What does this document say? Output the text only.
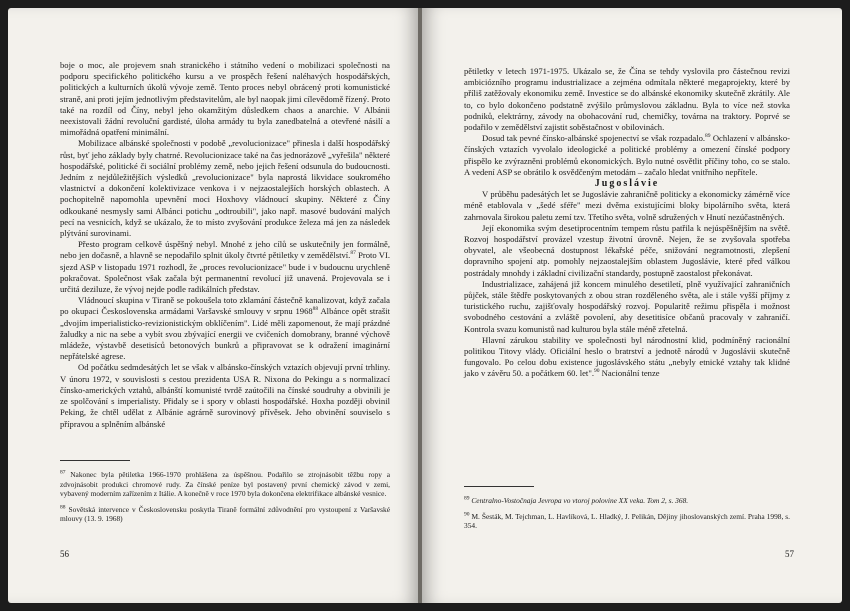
boje o moc, ale projevem snah stranického i státního vedení o mobilizaci společnosti na podporu specifického politického kursu a ve prospěch řešení naléhavých hospodářských, politických a kulturních úkolů vývoje země. Tento proces nebyl obrácený proti komunistické straně, ani proti jejím jednotlivým představitelům, ale byl naopak jimi cílevědomě řízený. Proto také na rozdíl od Číny, nebyl jeho okamžitým důsledkem chaos a anarchie. V Albánii neexistovali žádní revoluční gardisté, úloha armády tu byla zanedbatelná a otevřené násilí a mimořádná opatření minimální.

Mobilizace albánské společnosti v podobě „revolucionizace" přinesla i další hospodářský růst, byť jeho základy byly chatrné. Revolucionizace také na čas jednorázově „vyřešila" některé hospodářské, politické či sociální problémy země, nebo jejich řešení odsunula do budoucnosti. Jedním z nejdůležitějších výsledků „revolucionizace" byla naprostá likvidace soukromého vlastnictví a dokončení kolektivizace venkova i v nejzaostalejších horských oblastech. A pochopitelně napomohla upevnění moci Hoxhovy vládnoucí skupiny. Některé z Číny odkoukané nesmysly sami Albánci potichu „odtroubili", jako např. masové budování malých pecí na vesnicích, když se ukázalo, že to místo zvyšování produkce železa má jen za následek plýtvání surovinami.

Přesto program celkově úspěšný nebyl. Mnohé z jeho cílů se uskutečnily jen formálně, nebo jen dočasně, a hlavně se nepodařilo splnit úkoly čtvrté pětiletky v zemědělství.$^{87}$ Proto VI. sjezd ASP v listopadu 1971 rozhodl, že „proces revolucionizace" bude i v budoucnu urychleně pokračovat. Společnost však začala být permanentní revolucí již unavená. Projevovala se i určitá deziluze, že vývoj nejde podle radikálních představ.

Vládnoucí skupina v Tiraně se pokoušela toto zklamání částečně kanalizovat, když začala po okupaci Československa armádami Varšavské smlouvy v srpnu 1968$^{88}$ Albánce opět strašit „dvojím imperialisticko-revizionistickým obklíčením". Lidé měli zapomenout, že mají prázdné žaludky a nic na sebe a vybít svou zbývající energii ve cvičeních domobrany, branné výchově mládeže, výstavbě desetisíců betonových bunkrů a připravovat se k odražení imaginární nepřátelské agrese.

Od počátku sedmdesátých let se však v albánsko-čínských vztazích objevují první trhliny. V únoru 1972, v souvislosti s cestou prezidenta USA R. Nixona do Pekingu a s normalizací čínsko-amerických vztahů, albánští komunisté tvrdě zaútočili na čínské soudruhy a obvinili je ze spolčování s imperialisty. Přidaly se i spory v oblasti hospodářské. Hoxha později obvinil Peking, že chtěl udělat z Albánie agrárně surovinový přívěsek. Jeho obvinění souviselo s přípravou a splněním albánské

$^{87}$ Nakonec byla pětiletka 1966-1970 prohlášena za úspěšnou. Podařilo se ztrojnásobit těžbu ropy a zdvojnásobit produkci chromové rudy. Za čínské peníze byl postavený první chemický závod v zemi, vybavený moderním zařízením z Itálie. A konečně v roce 1970 byla dokončena elektrifikace albánské vesnice.

$^{88}$ Sovětská intervence v Československu poskytla Tiraně formální zdůvodnění pro vystoupení z Varšavské mlouvy (13. 9. 1968)

56

pětiletky v letech 1971-1975. Ukázalo se, že Čína se tehdy vyslovila pro částečnou revizi ambiciózního programu industrializace a zejména odmítala některé megaprojekty, které by příliš zatěžovaly ekonomiku země. Investice se do albánské ekonomiky skutečně zkrátily. Ale to, co bylo dokončeno podstatně zvýšilo průmyslovou základnu. Byla to více než stovka podniků, elektrárny, závody na obohacování rud, chemičky, továrna na traktory. Poprvé se podařilo v zemědělství zajistit soběstačnost v obilovinách.

Dosud tak pevné čínsko-albánské spojenectví se však rozpadalo.$^{89}$ Ochlazení v albánsko-čínských vztazích vyvolalo ideologické a politické problémy a omezení čínské podpory přispělo ke zvýrazněni problémů ekonomických. Bylo nutné osvětlit příčiny toho, co se stalo. A vedení ASP se obrátilo k osvědčeným metodám – začalo hledat vnitřního nepřítele.

Jugoslávie

V průběhu padesátých let se Jugoslávie zahraničně politicky a ekonomicky zámérně více méně etablovala v „šedé sféře" mezi dvěma existujícími bloky bipolárního světa, která zahrnovala širokou paletu zemí tzv. Třetího světa, volně sdružených v Hnutí nezúčastněných.

Její ekonomika svým desetiprocentním tempem růstu patřila k nejúspěšnějším na světě. Rozvoj hospodářství provázel vzestup životní úrovně. Nejen, že se zvyšovala spotřeba obyvatel, ale všeobecná dostupnost lékařské péče, snižování negramotnosti, zlepšení dopravního spojení atp. pomohly nejzaostalejším oblastem Jugoslávie, které před válkou postrádaly mnohdy i základní civilizační standardy, postupně zaostalost překonávat.

Industrializace, zahájená již koncem minulého desetiletí, plně využívající zahraničních půjček, stále štědře poskytovaných z obou stran rozděleného světa, ale i stále vyšší příjmy z turistického ruchu, zajišťovaly hospodářský rozvoj. Popularitě režimu přispěla i možnost svobodného cestování a zvláště povolení, aby desetitisíce občanů pracovaly v zahraničí. Kontrola svazu komunistů nad kulturou byla stále méně zřetelná.

Hlavní zárukou stability ve společnosti byl národnostní klid, podmíněný racionální politikou Titovy vlády. Oficiální heslo o bratrství a jednotě národů v Jugoslávii skutečně fungovalo. Po celou dobu existence jugoslávského státu „nebyly etnické vztahy tak klidné jako v závěru 50. a počátkem 60. let".$^{90}$ Nacionální tenze

$^{89}$ Centralno-Vostočnaja Jevropa vo vtoroj polovine XX veka. Tom 2, s. 368.

$^{90}$ M. Šesták, M. Tejchman, L. Havlíková, L. Hladký, J. Pelikán, Dějiny jihoslovanských zemí. Praha 1998, s. 354.

57
